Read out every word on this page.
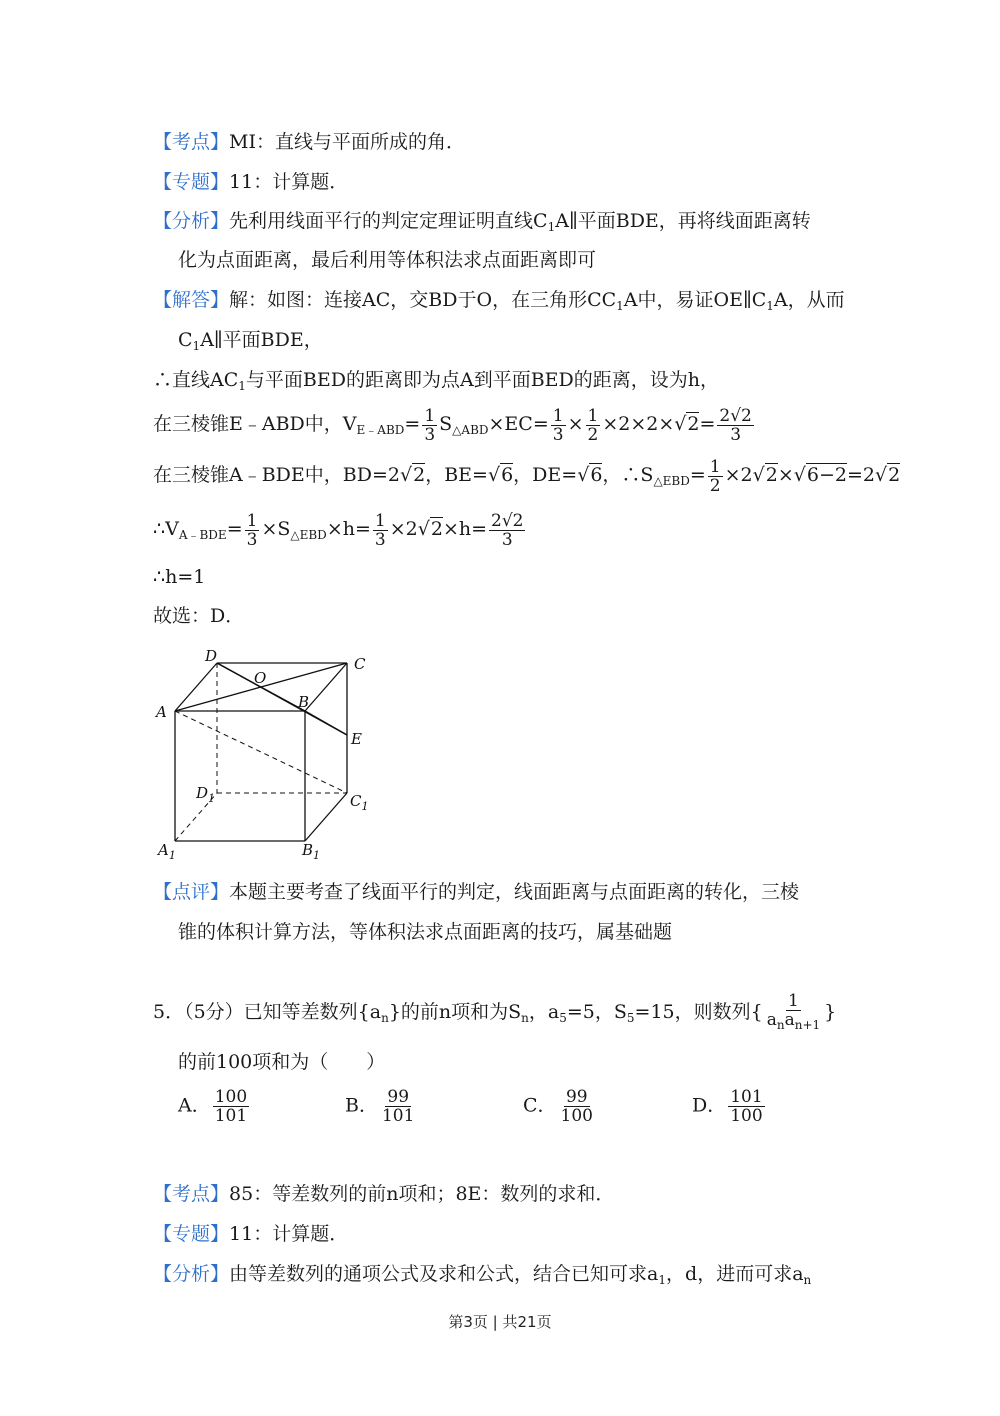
【考点】MI：直线与平面所成的角．
【专题】11：计算题．
【分析】先利用线面平行的判定定理证明直线$C_1A\parallel$平面BDE，再将线面距离转
化为点面距离，最后利用等体积法求点面距离即可
【解答】解：如图：连接AC，交BD于O，在三角形$CC_1A$中，易证$OE\parallel C_1A$，从而
$C_1A\parallel$平面BDE，
∴直线$AC_1$与平面BED的距离即为点A到平面BED的距离，设为h，
在三棱锥E﹣ABD中，$V_{E﹣ABD}= \frac{1}{3} S_{\triangle ABD}\times EC= \frac{1}{3} \times \frac{1}{2} \times 2\times 2\times√2= \frac{2√2}{3}$
在三棱锥A﹣BDE中，BD=2√2，BE=√6，DE=√6，$\therefore S_{\triangle EBD}= \frac{1}{2} \times 2√2\times√6-2=2√2$
$\therefore V_{A﹣BDE}= \frac{1}{3} \times S_{\triangle EBD}\times h= \frac{1}{3} \times 2√2\times h= \frac{2√2}{3}$
∴h=1
故选：D．
D	C
O
B
A
E
$D_1$	$C_1$
$A_1$	$B_1$
【点评】本题主要考查了线面平行的判定，线面距离与点面距离的转化，三棱
锥的体积计算方法，等体积法求点面距离的技巧，属基础题
5．（5分）已知等差数列$\{a_n\}$的前n项和为$S_n$，$a_5=5$，$S_5=15$，则数列{ $\frac{1}{a_na_{n+1}}$ }
的前100项和为（　　）
A． $\frac{100}{101}$	B． $\frac{99}{101}$	C． $\frac{99}{100}$	D． $\frac{101}{100}$
【考点】85：等差数列的前n项和；8E：数列的求和．
【专题】11：计算题．
【分析】由等差数列的通项公式及求和公式，结合已知可求$a_1$，d，进而可求$a_n$
第3页 | 共21页
